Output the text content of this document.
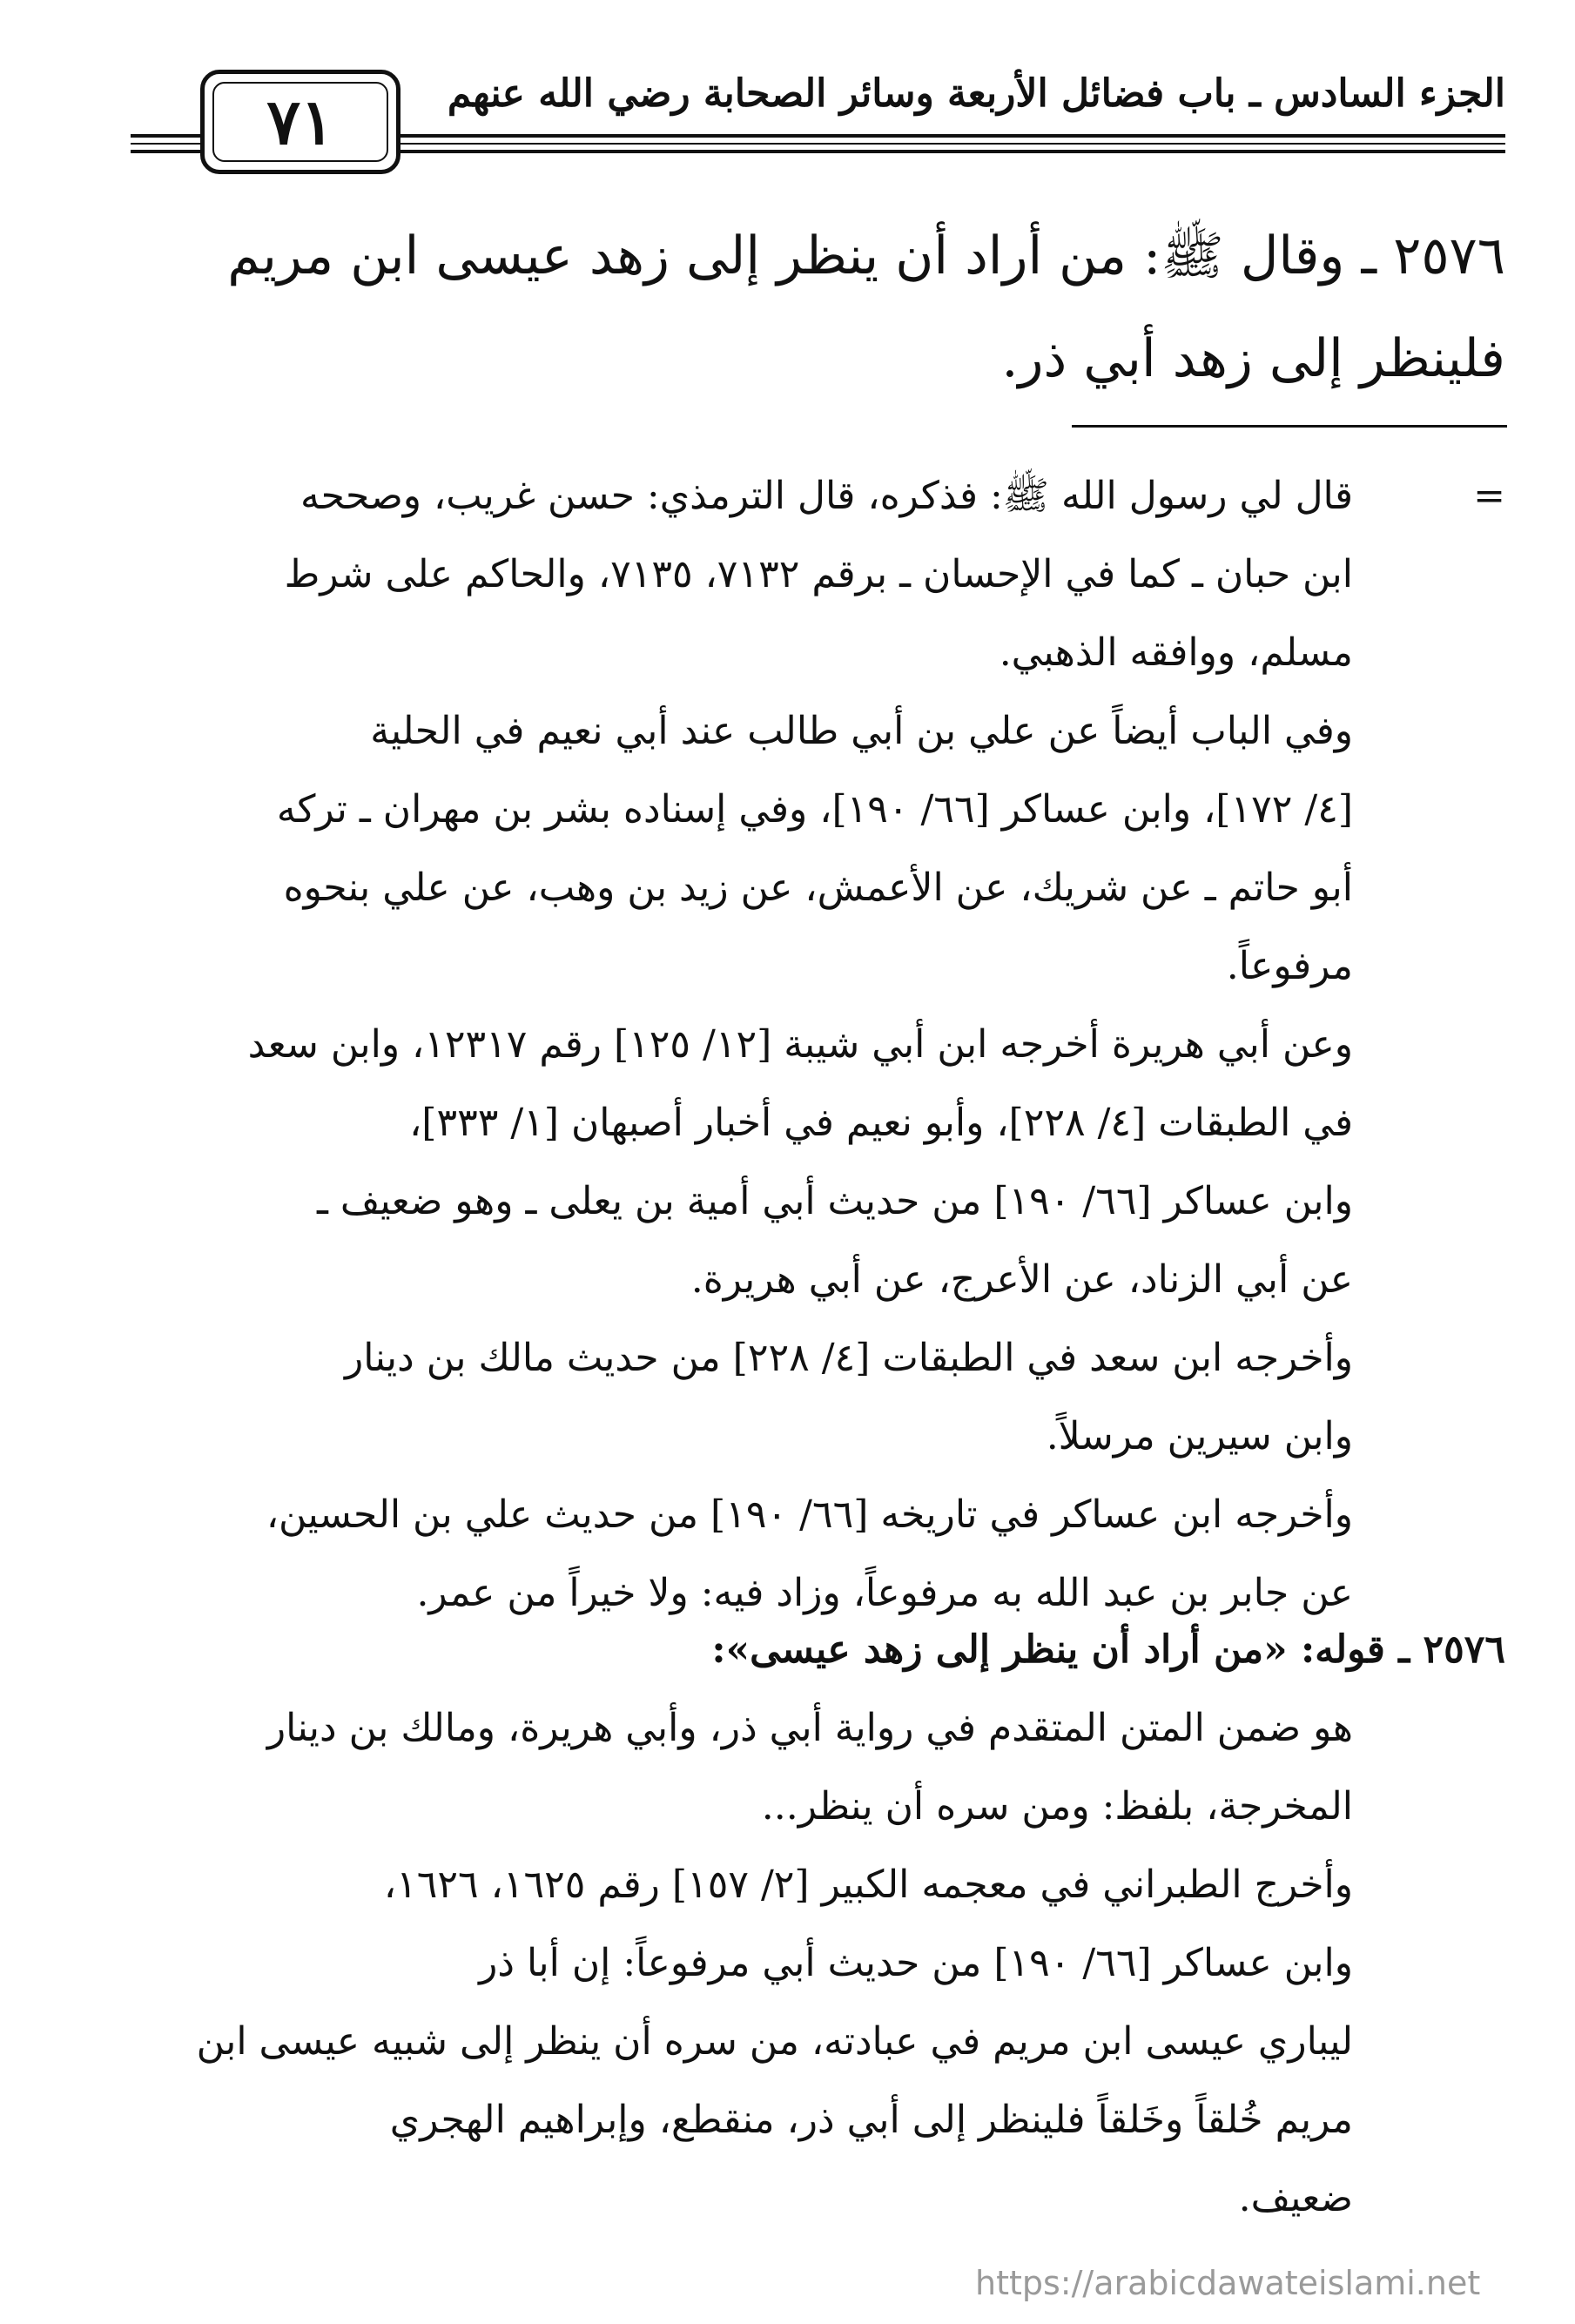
٧١	الجزء السادس ـ باب فضائل الأربعة وسائر الصحابة رضي الله عنهم

٢٥٧٦ ـ وقال ﷺ: من أراد أن ينظر إلى زهد عيسى ابن مريم

فلينظر إلى زهد أبي ذر.

=

قال لي رسول الله ﷺ: فذكره، قال الترمذي: حسن غريب، وصححه

ابن حبان ـ كما في الإحسان ـ برقم ٧١٣٢، ٧١٣٥، والحاكم على شرط

مسلم، ووافقه الذهبي.

وفي الباب أيضاً عن علي بن أبي طالب عند أبي نعيم في الحلية

[٤/ ١٧٢]، وابن عساكر [٦٦/ ١٩٠]، وفي إسناده بشر بن مهران ـ تركه

أبو حاتم ـ عن شريك، عن الأعمش، عن زيد بن وهب، عن علي بنحوه

مرفوعاً.

وعن أبي هريرة أخرجه ابن أبي شيبة [١٢/ ١٢٥] رقم ١٢٣١٧، وابن سعد

في الطبقات [٤/ ٢٢٨]، وأبو نعيم في أخبار أصبهان [١/ ٣٣٣]،

وابن عساكر [٦٦/ ١٩٠] من حديث أبي أمية بن يعلى ـ وهو ضعيف ـ

عن أبي الزناد، عن الأعرج، عن أبي هريرة.

وأخرجه ابن سعد في الطبقات [٤/ ٢٢٨] من حديث مالك بن دينار

وابن سيرين مرسلاً.

وأخرجه ابن عساكر في تاريخه [٦٦/ ١٩٠] من حديث علي بن الحسين،

عن جابر بن عبد الله به مرفوعاً، وزاد فيه: ولا خيراً من عمر.

٢٥٧٦ ـ قوله: «من أراد أن ينظر إلى زهد عيسى»:

هو ضمن المتن المتقدم في رواية أبي ذر، وأبي هريرة، ومالك بن دينار

المخرجة، بلفظ: ومن سره أن ينظر...

وأخرج الطبراني في معجمه الكبير [٢/ ١٥٧] رقم ١٦٢٥، ١٦٢٦،

وابن عساكر [٦٦/ ١٩٠] من حديث أبي مرفوعاً: إن أبا ذر

ليباري عيسى ابن مريم في عبادته، من سره أن ينظر إلى شبيه عيسى ابن

مريم خُلقاً وخَلقاً فلينظر إلى أبي ذر، منقطع، وإبراهيم الهجري

ضعيف.

https://arabicdawateislami.net
